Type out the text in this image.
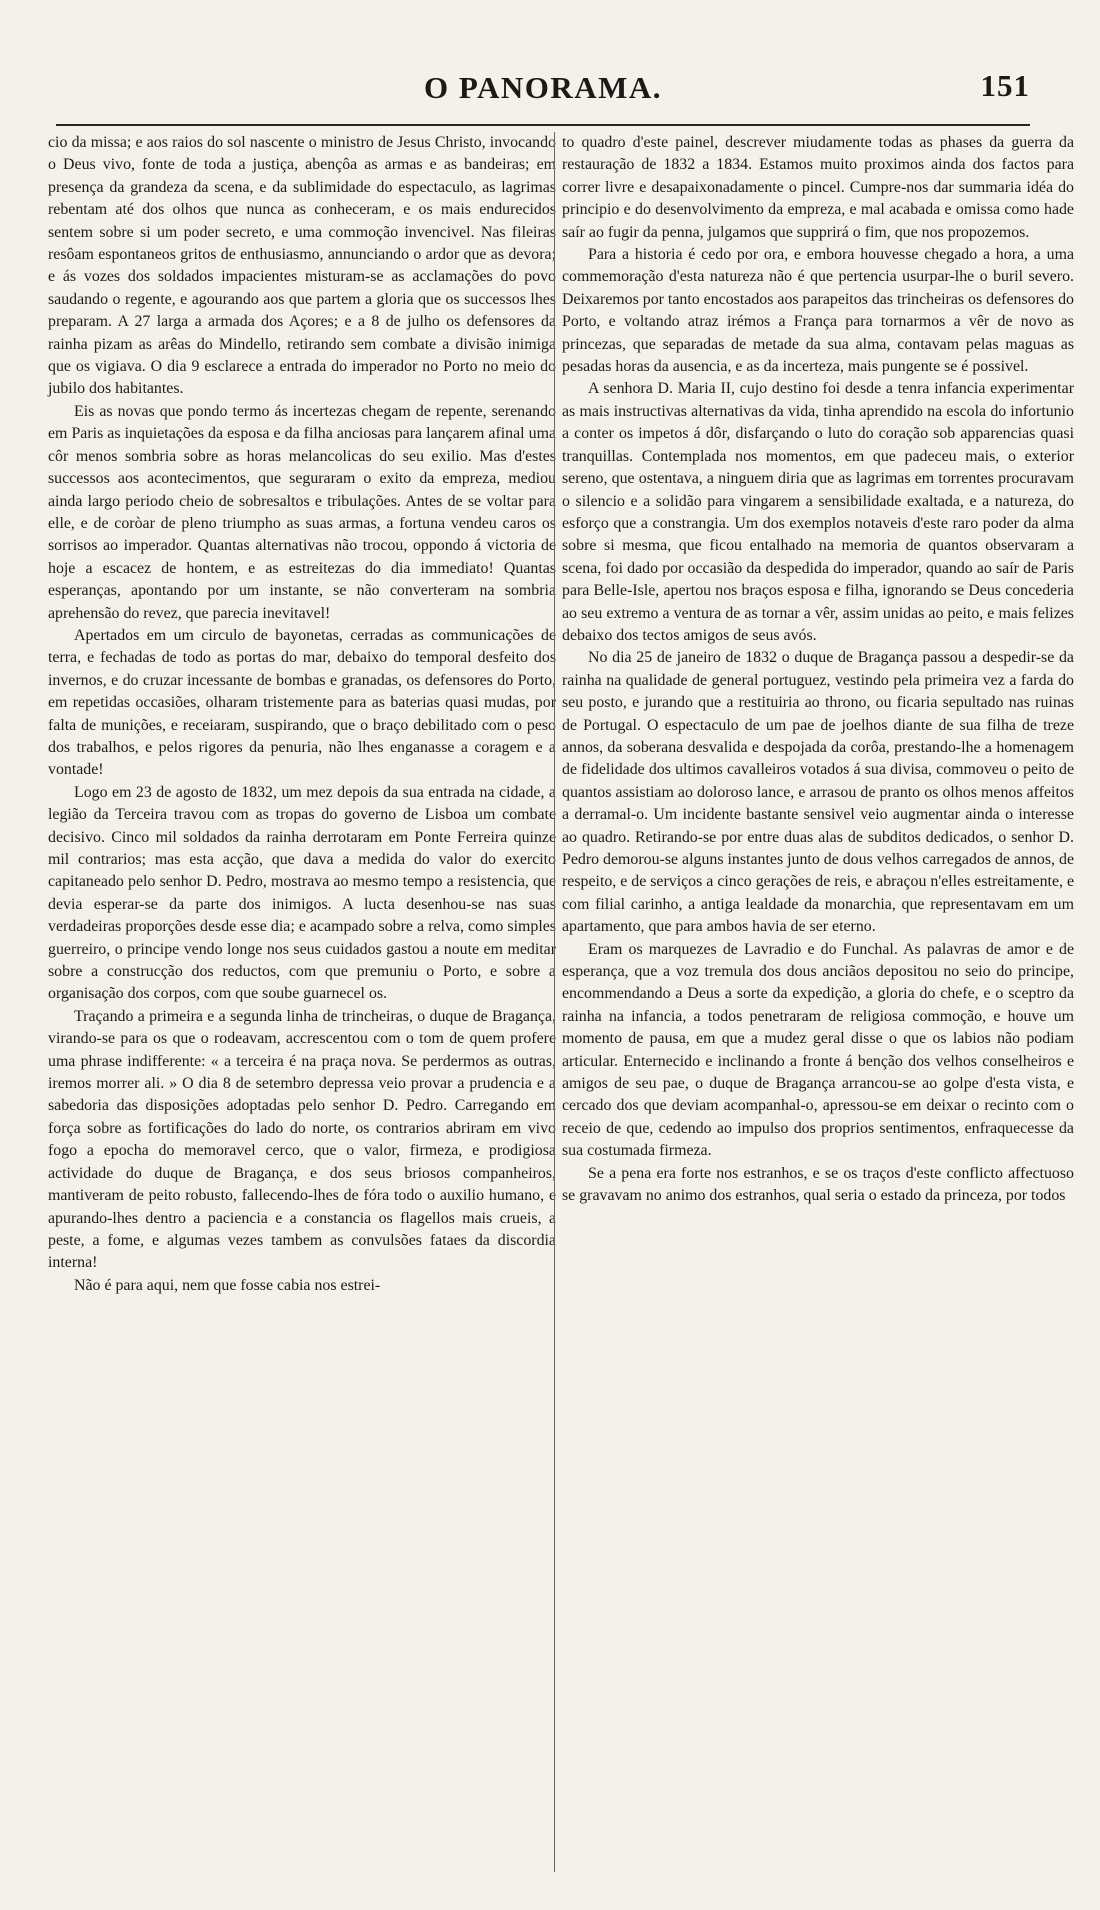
O PANORAMA.	151

cio da missa; e aos raios do sol nascente o ministro de Jesus Christo, invocando o Deus vivo, fonte de toda a justiça, abençôa as armas e as bandeiras; em presença da grandeza da scena, e da sublimidade do espectaculo, as lagrimas rebentam até dos olhos que nunca as conheceram, e os mais endurecidos sentem sobre si um poder secreto, e uma commoção invencivel. Nas fileiras resôam espontaneos gritos de enthusiasmo, annunciando o ardor que as devora; e ás vozes dos soldados impacientes misturam-se as acclamações do povo saudando o regente, e agourando aos que partem a gloria que os successos lhes preparam. A 27 larga a armada dos Açores; e a 8 de julho os defensores da rainha pizam as arêas do Mindello, retirando sem combate a divisão inimiga que os vigiava. O dia 9 esclarece a entrada do imperador no Porto no meio do jubilo dos habitantes.

Eis as novas que pondo termo ás incertezas chegam de repente, serenando em Paris as inquietações da esposa e da filha anciosas para lançarem afinal uma côr menos sombria sobre as horas melancolicas do seu exilio. Mas d'estes successos aos acontecimentos, que seguraram o exito da empreza, mediou ainda largo periodo cheio de sobresaltos e tribulações. Antes de se voltar para elle, e de coròar de pleno triumpho as suas armas, a fortuna vendeu caros os sorrisos ao imperador. Quantas alternativas não trocou, oppondo á victoria de hoje a escacez de hontem, e as estreitezas do dia immediato! Quantas esperanças, apontando por um instante, se não converteram na sombria aprehensão do revez, que parecia inevitavel!

Apertados em um circulo de bayonetas, cerradas as communicações de terra, e fechadas de todo as portas do mar, debaixo do temporal desfeito dos invernos, e do cruzar incessante de bombas e granadas, os defensores do Porto, em repetidas occasiões, olharam tristemente para as baterias quasi mudas, por falta de munições, e receiaram, suspirando, que o braço debilitado com o peso dos trabalhos, e pelos rigores da penuria, não lhes enganasse a coragem e a vontade!

Logo em 23 de agosto de 1832, um mez depois da sua entrada na cidade, a legião da Terceira travou com as tropas do governo de Lisboa um combate decisivo. Cinco mil soldados da rainha derrotaram em Ponte Ferreira quinze mil contrarios; mas esta acção, que dava a medida do valor do exercito capitaneado pelo senhor D. Pedro, mostrava ao mesmo tempo a resistencia, que devia esperar-se da parte dos inimigos. A lucta desenhou-se nas suas verdadeiras proporções desde esse dia; e acampado sobre a relva, como simples guerreiro, o principe vendo longe nos seus cuidados gastou a noute em meditar sobre a construcção dos reductos, com que premuniu o Porto, e sobre a organisação dos corpos, com que soube guarnecel os.

Traçando a primeira e a segunda linha de trincheiras, o duque de Bragança, virando-se para os que o rodeavam, accrescentou com o tom de quem profere uma phrase indifferente: « a terceira é na praça nova. Se perdermos as outras, iremos morrer ali. » O dia 8 de setembro depressa veio provar a prudencia e a sabedoria das disposições adoptadas pelo senhor D. Pedro. Carregando em força sobre as fortificações do lado do norte, os contrarios abriram em vivo fogo a epocha do memoravel cerco, que o valor, firmeza, e prodigiosa actividade do duque de Bragança, e dos seus briosos companheiros, mantiveram de peito robusto, fallecendo-lhes de fóra todo o auxilio humano, e apurando-lhes dentro a paciencia e a constancia os flagellos mais crueis, a peste, a fome, e algumas vezes tambem as convulsões fataes da discordia interna!

Não é para aqui, nem que fosse cabia nos estrei-

to quadro d'este painel, descrever miudamente todas as phases da guerra da restauração de 1832 a 1834. Estamos muito proximos ainda dos factos para correr livre e desapaixonadamente o pincel. Cumpre-nos dar summaria idéa do principio e do desenvolvimento da empreza, e mal acabada e omissa como hade saír ao fugir da penna, julgamos que supprirá o fim, que nos propozemos.

Para a historia é cedo por ora, e embora houvesse chegado a hora, a uma commemoração d'esta natureza não é que pertencia usurpar-lhe o buril severo. Deixaremos por tanto encostados aos parapeitos das trincheiras os defensores do Porto, e voltando atraz irémos a França para tornarmos a vêr de novo as princezas, que separadas de metade da sua alma, contavam pelas maguas as pesadas horas da ausencia, e as da incerteza, mais pungente se é possivel.

A senhora D. Maria II, cujo destino foi desde a tenra infancia experimentar as mais instructivas alternativas da vida, tinha aprendido na escola do infortunio a conter os impetos á dôr, disfarçando o luto do coração sob apparencias quasi tranquillas. Contemplada nos momentos, em que padeceu mais, o exterior sereno, que ostentava, a ninguem diria que as lagrimas em torrentes procuravam o silencio e a solidão para vingarem a sensibilidade exaltada, e a natureza, do esforço que a constrangia. Um dos exemplos notaveis d'este raro poder da alma sobre si mesma, que ficou entalhado na memoria de quantos observaram a scena, foi dado por occasião da despedida do imperador, quando ao saír de Paris para Belle-Isle, apertou nos braços esposa e filha, ignorando se Deus concederia ao seu extremo a ventura de as tornar a vêr, assim unidas ao peito, e mais felizes debaixo dos tectos amigos de seus avós.

No dia 25 de janeiro de 1832 o duque de Bragança passou a despedir-se da rainha na qualidade de general portuguez, vestindo pela primeira vez a farda do seu posto, e jurando que a restituiria ao throno, ou ficaria sepultado nas ruinas de Portugal. O espectaculo de um pae de joelhos diante de sua filha de treze annos, da soberana desvalida e despojada da corôa, prestando-lhe a homenagem de fidelidade dos ultimos cavalleiros votados á sua divisa, commoveu o peito de quantos assistiam ao doloroso lance, e arrasou de pranto os olhos menos affeitos a derramal-o. Um incidente bastante sensivel veio augmentar ainda o interesse ao quadro. Retirando-se por entre duas alas de subditos dedicados, o senhor D. Pedro demorou-se alguns instantes junto de dous velhos carregados de annos, de respeito, e de serviços a cinco gerações de reis, e abraçou n'elles estreitamente, e com filial carinho, a antiga lealdade da monarchia, que representavam em um apartamento, que para ambos havia de ser eterno.

Eram os marquezes de Lavradio e do Funchal. As palavras de amor e de esperança, que a voz tremula dos dous anciãos depositou no seio do principe, encommendando a Deus a sorte da expedição, a gloria do chefe, e o sceptro da rainha na infancia, a todos penetraram de religiosa commoção, e houve um momento de pausa, em que a mudez geral disse o que os labios não podiam articular. Enternecido e inclinando a fronte á benção dos velhos conselheiros e amigos de seu pae, o duque de Bragança arrancou-se ao golpe d'esta vista, e cercado dos que deviam acompanhal-o, apressou-se em deixar o recinto com o receio de que, cedendo ao impulso dos proprios sentimentos, enfraquecesse da sua costumada firmeza.

Se a pena era forte nos estranhos, e se os traços d'este conflicto affectuoso se gravavam no animo dos estranhos, qual seria o estado da princeza, por todos
